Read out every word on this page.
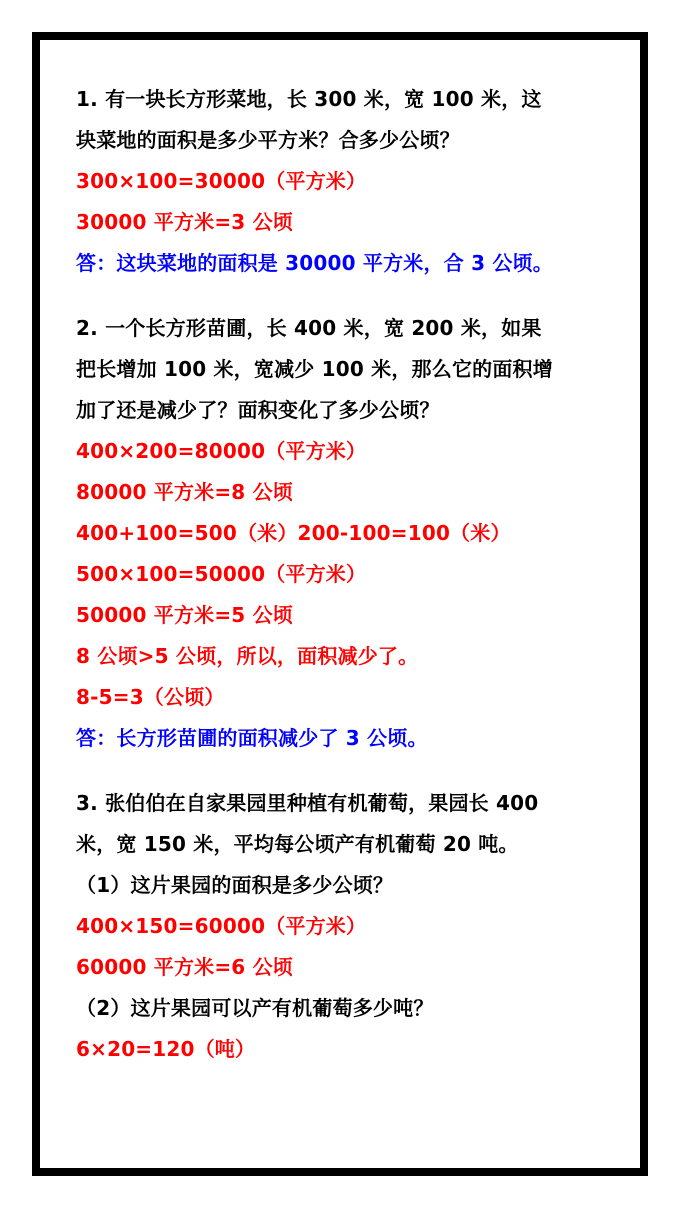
1. 有一块长方形菜地，长 300 米，宽 100 米，这
块菜地的面积是多少平方米？合多少公顷？
300×100=30000（平方米）
30000 平方米=3 公顷
答：这块菜地的面积是 30000 平方米，合 3 公顷。
2. 一个长方形苗圃，长 400 米，宽 200 米，如果
把长增加 100 米，宽减少 100 米，那么它的面积增
加了还是减少了？面积变化了多少公顷？
400×200=80000（平方米）
80000 平方米=8 公顷
400+100=500（米）200-100=100（米）
500×100=50000（平方米）
50000 平方米=5 公顷
8 公顷>5 公顷，所以，面积减少了。
8-5=3（公顷）
答：长方形苗圃的面积减少了 3 公顷。
3. 张伯伯在自家果园里种植有机葡萄，果园长 400
米，宽 150 米，平均每公顷产有机葡萄 20 吨。
（1）这片果园的面积是多少公顷？
400×150=60000（平方米）
60000 平方米=6 公顷
（2）这片果园可以产有机葡萄多少吨？
6×20=120（吨）
